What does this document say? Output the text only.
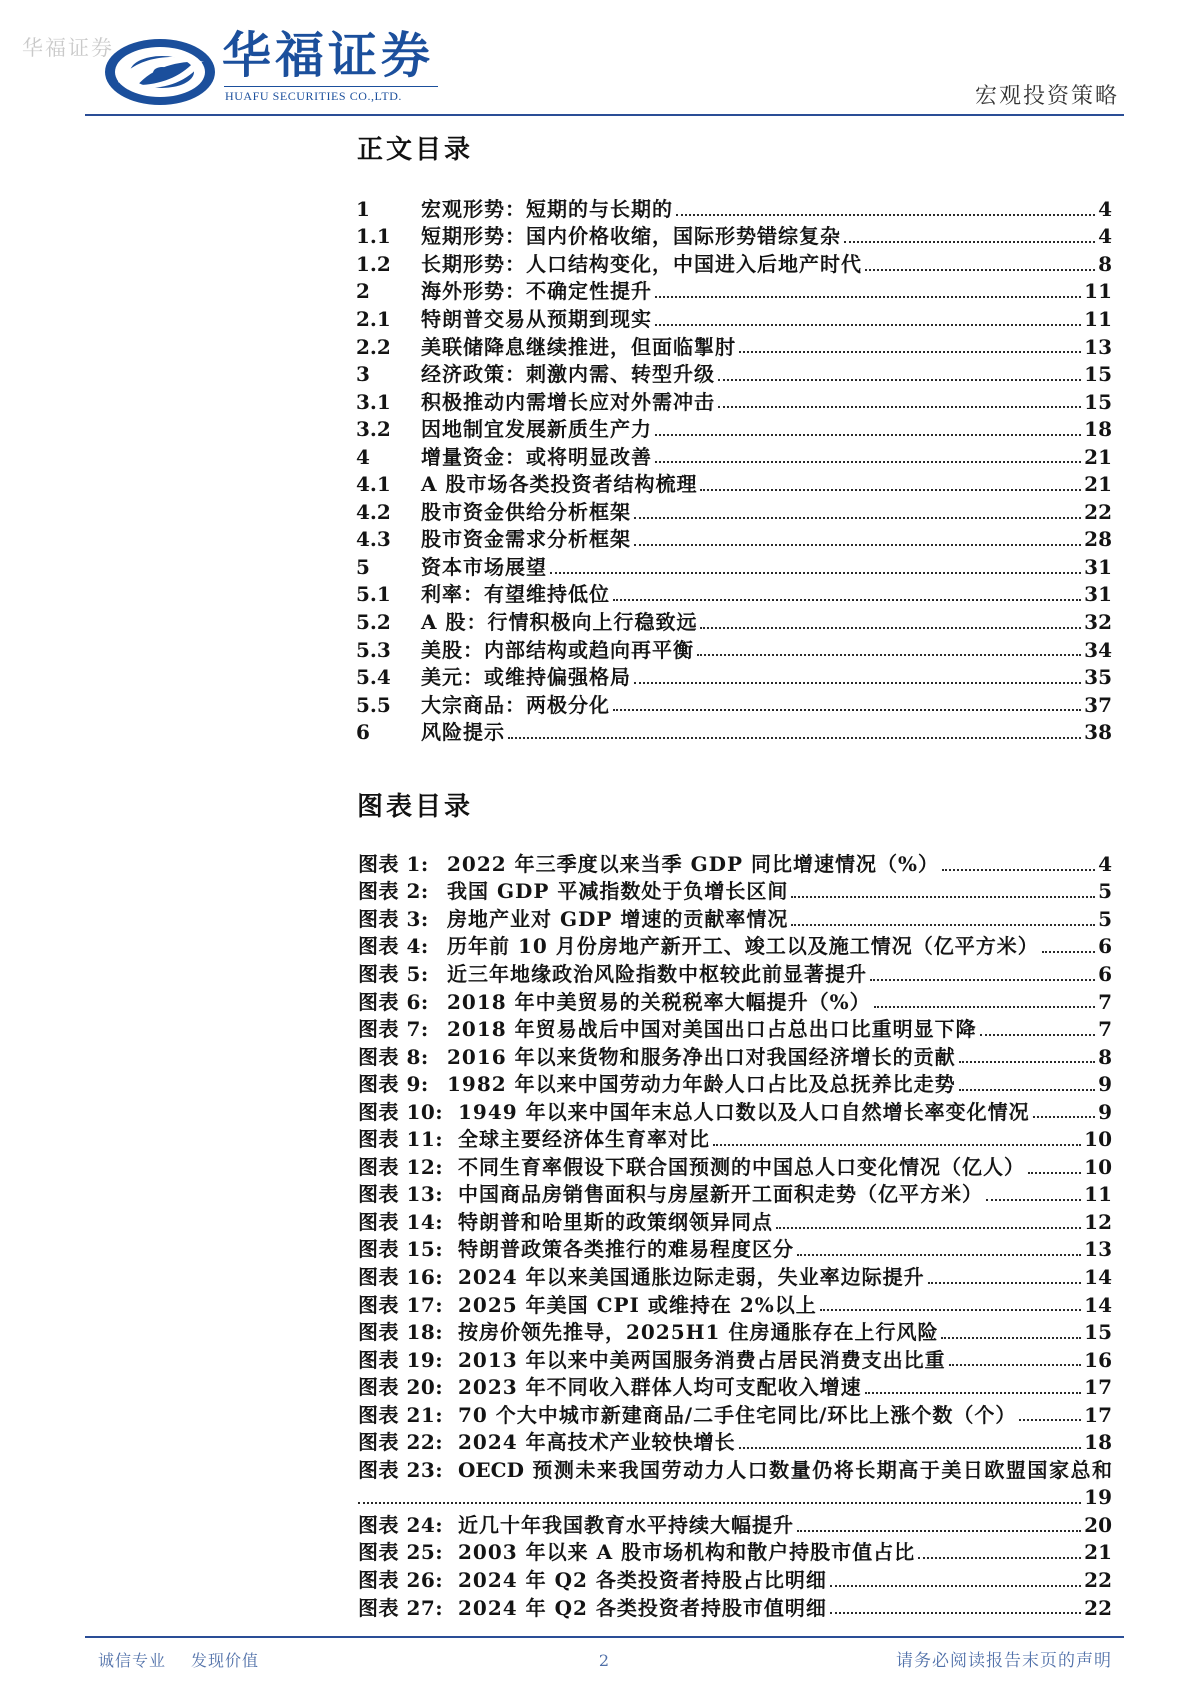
华福证券 华福证券
HUAFU SECURITIES CO.,LTD.	宏观投资策略
正文目录
1	宏观形势：短期的与长期的	4
1.1	短期形势：国内价格收缩，国际形势错综复杂	4
1.2	长期形势：人口结构变化，中国进入后地产时代	8
2	海外形势：不确定性提升	11
2.1	特朗普交易从预期到现实	11
2.2	美联储降息继续推进，但面临掣肘	13
3	经济政策：刺激内需、转型升级	15
3.1	积极推动内需增长应对外需冲击	15
3.2	因地制宜发展新质生产力	18
4	增量资金：或将明显改善	21
4.1	A 股市场各类投资者结构梳理	21
4.2	股市资金供给分析框架	22
4.3	股市资金需求分析框架	28
5	资本市场展望	31
5.1	利率：有望维持低位	31
5.2	A 股：行情积极向上行稳致远	32
5.3	美股：内部结构或趋向再平衡	34
5.4	美元：或维持偏强格局	35
5.5	大宗商品：两极分化	37
6	风险提示	38
图表目录
图表 1: 2022 年三季度以来当季 GDP 同比增速情况（%）	4
图表 2: 我国 GDP 平减指数处于负增长区间	5
图表 3: 房地产业对 GDP 增速的贡献率情况	5
图表 4: 历年前 10 月份房地产新开工、竣工以及施工情况（亿平方米）	6
图表 5: 近三年地缘政治风险指数中枢较此前显著提升	6
图表 6: 2018 年中美贸易的关税税率大幅提升（%）	7
图表 7: 2018 年贸易战后中国对美国出口占总出口比重明显下降	7
图表 8: 2016 年以来货物和服务净出口对我国经济增长的贡献	8
图表 9: 1982 年以来中国劳动力年龄人口占比及总抚养比走势	9
图表 10: 1949 年以来中国年末总人口数以及人口自然增长率变化情况	9
图表 11: 全球主要经济体生育率对比	10
图表 12: 不同生育率假设下联合国预测的中国总人口变化情况（亿人）	10
图表 13: 中国商品房销售面积与房屋新开工面积走势（亿平方米）	11
图表 14: 特朗普和哈里斯的政策纲领异同点	12
图表 15: 特朗普政策各类推行的难易程度区分	13
图表 16: 2024 年以来美国通胀边际走弱，失业率边际提升	14
图表 17: 2025 年美国 CPI 或维持在 2%以上	14
图表 18: 按房价领先推导，2025H1 住房通胀存在上行风险	15
图表 19: 2013 年以来中美两国服务消费占居民消费支出比重	16
图表 20: 2023 年不同收入群体人均可支配收入增速	17
图表 21: 70 个大中城市新建商品/二手住宅同比/环比上涨个数（个）	17
图表 22: 2024 年高技术产业较快增长	18
图表 23: OECD 预测未来我国劳动力人口数量仍将长期高于美日欧盟国家总和
19
图表 24: 近几十年我国教育水平持续大幅提升	20
图表 25: 2003 年以来 A 股市场机构和散户持股市值占比	21
图表 26: 2024 年 Q2 各类投资者持股占比明细	22
图表 27: 2024 年 Q2 各类投资者持股市值明细	22
诚信专业 发现价值	2	请务必阅读报告末页的声明
